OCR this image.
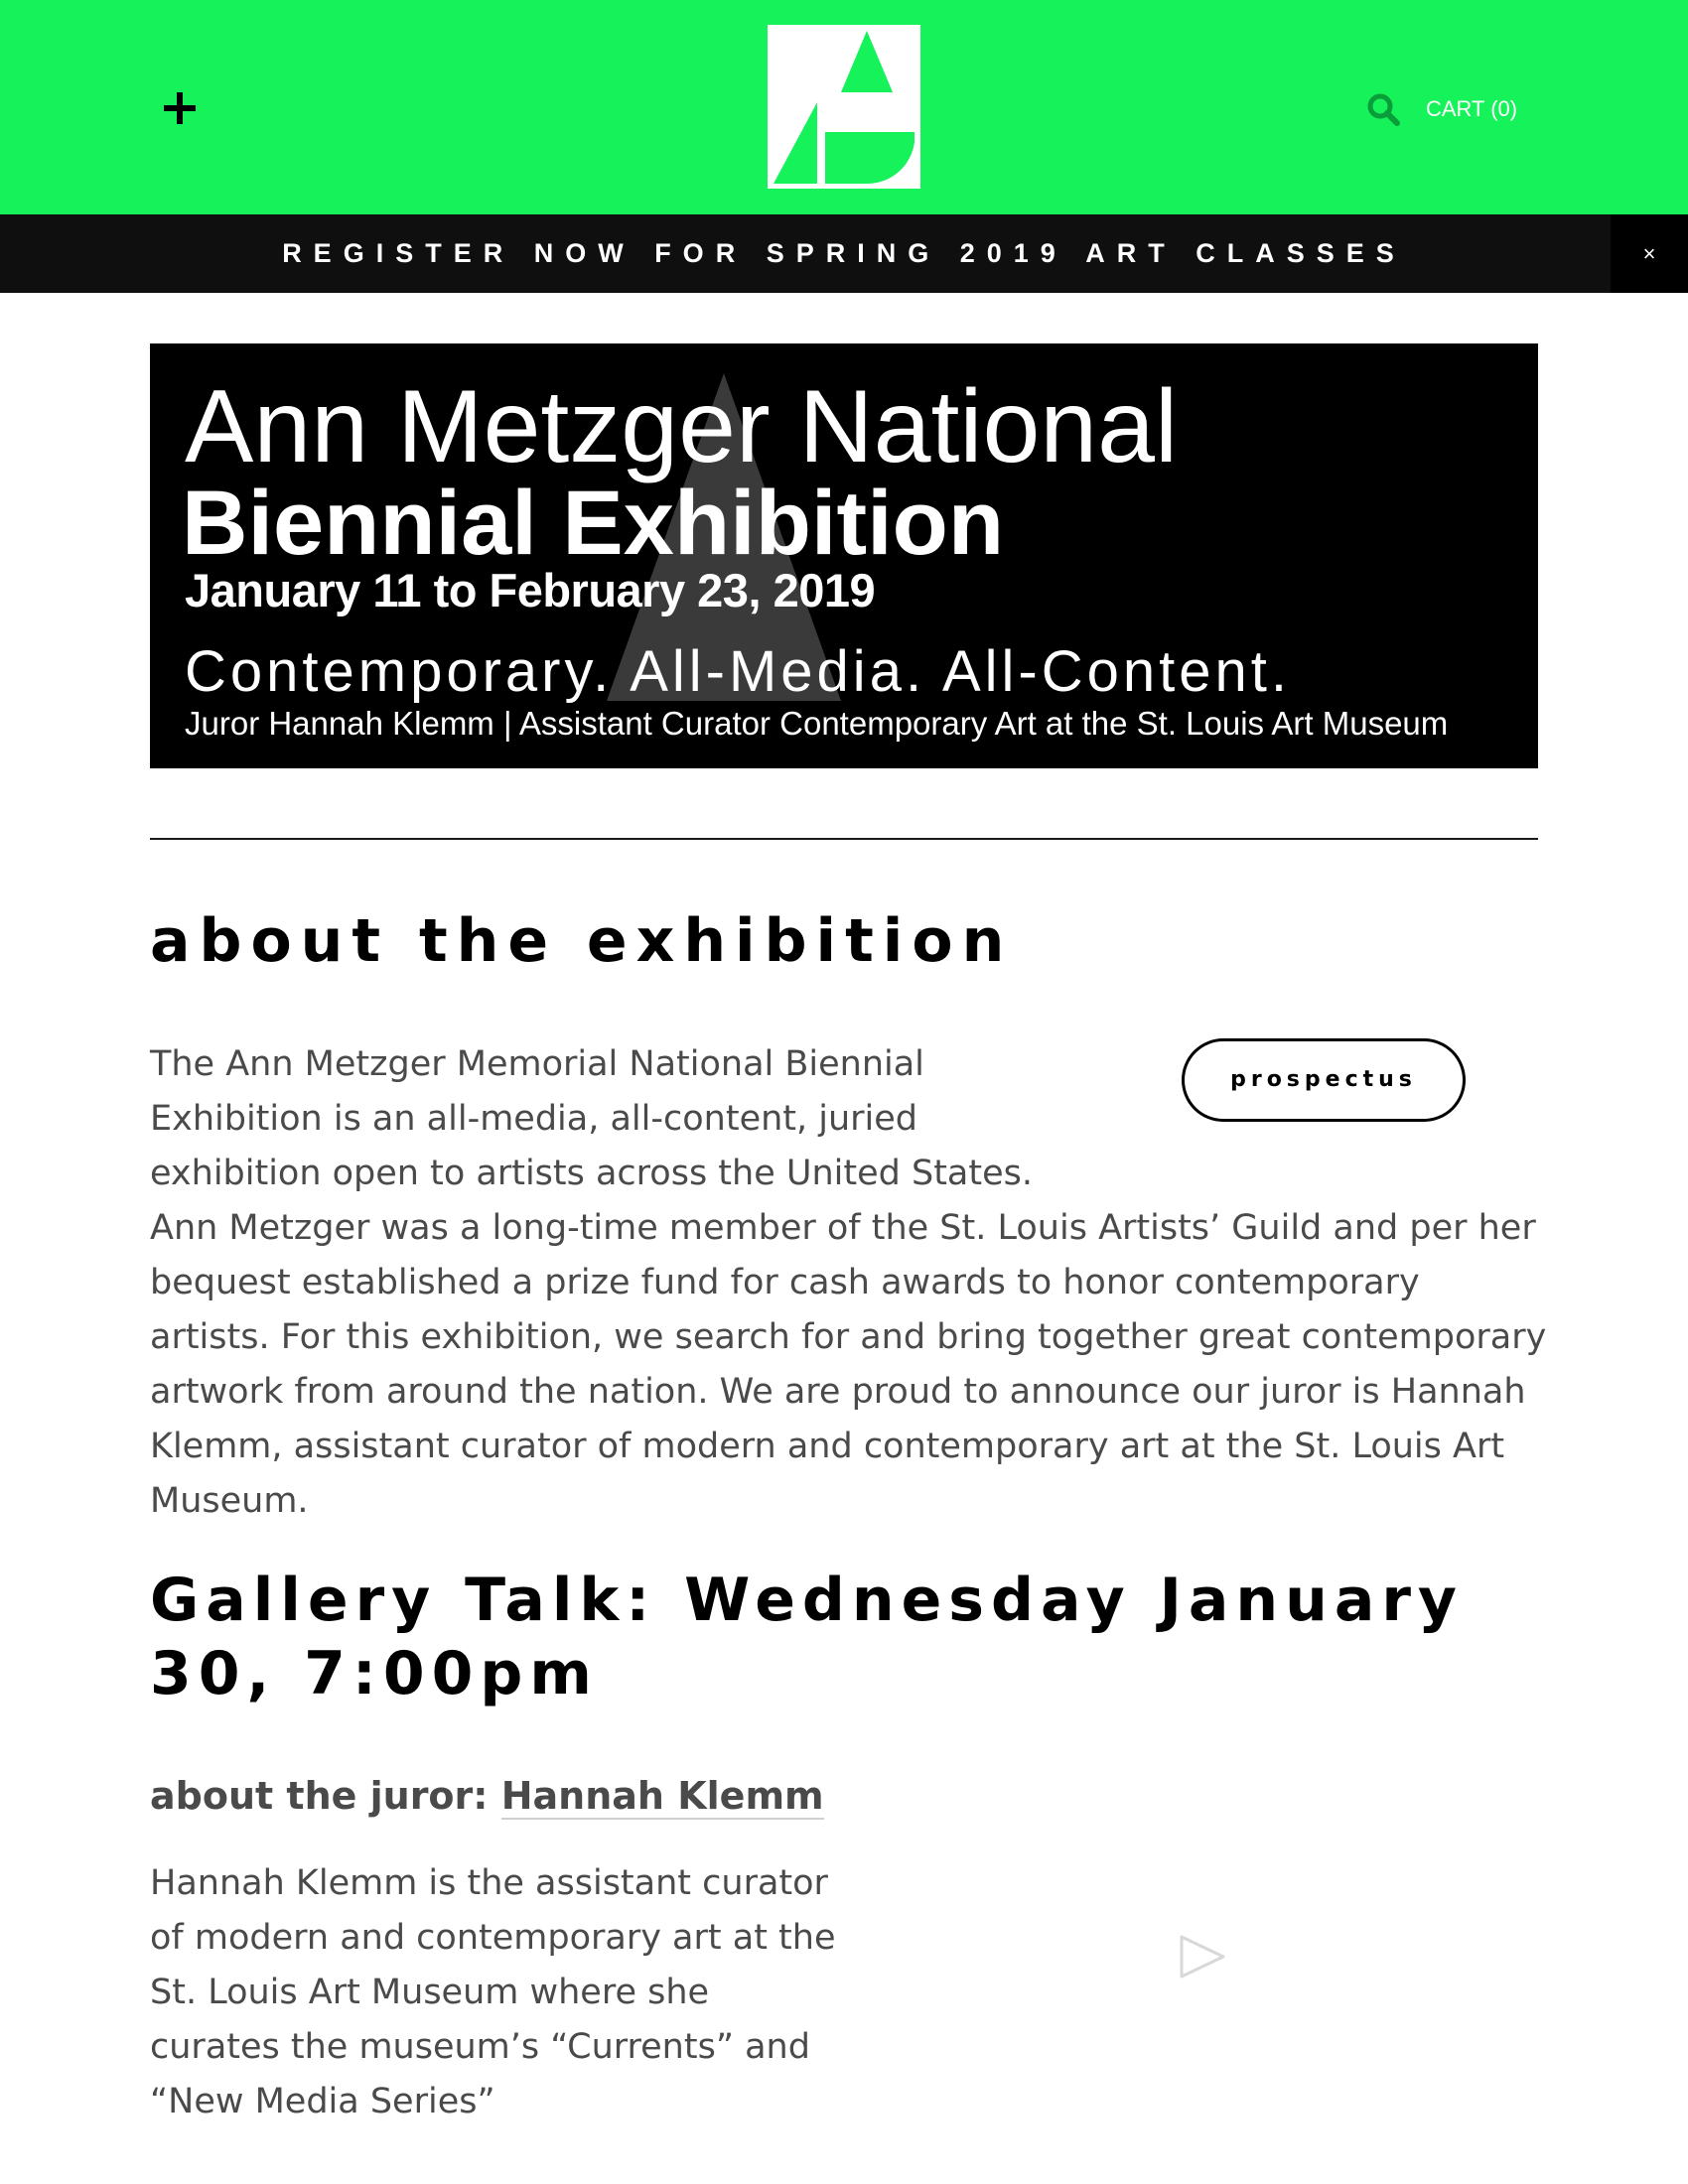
CART (0)
REGISTER NOW FOR SPRING 2019 ART CLASSES	×
Ann Metzger National
Biennial Exhibition
January 11 to February 23, 2019
Contemporary. All-Media. All-Content.
Juror Hannah Klemm | Assistant Curator Contemporary Art at the St. Louis Art Museum
about the exhibition
prospectus

The Ann Metzger Memorial National Biennial Exhibition is an all-media, all-content, juried exhibition open to artists across the United States.

Ann Metzger was a long-time member of the St. Louis Artists’ Guild and per her bequest established a prize fund for cash awards to honor contemporary artists. For this exhibition, we search for and bring together great contemporary artwork from around the nation. We are proud to announce our juror is Hannah Klemm, assistant curator of modern and contemporary art at the St. Louis Art Museum.

Gallery Talk: Wednesday January 30, 7:00pm
about the juror: Hannah Klemm

Hannah Klemm is the assistant curator of modern and contemporary art at the St. Louis Art Museum where she curates the museum’s “Currents” and “New Media Series”
